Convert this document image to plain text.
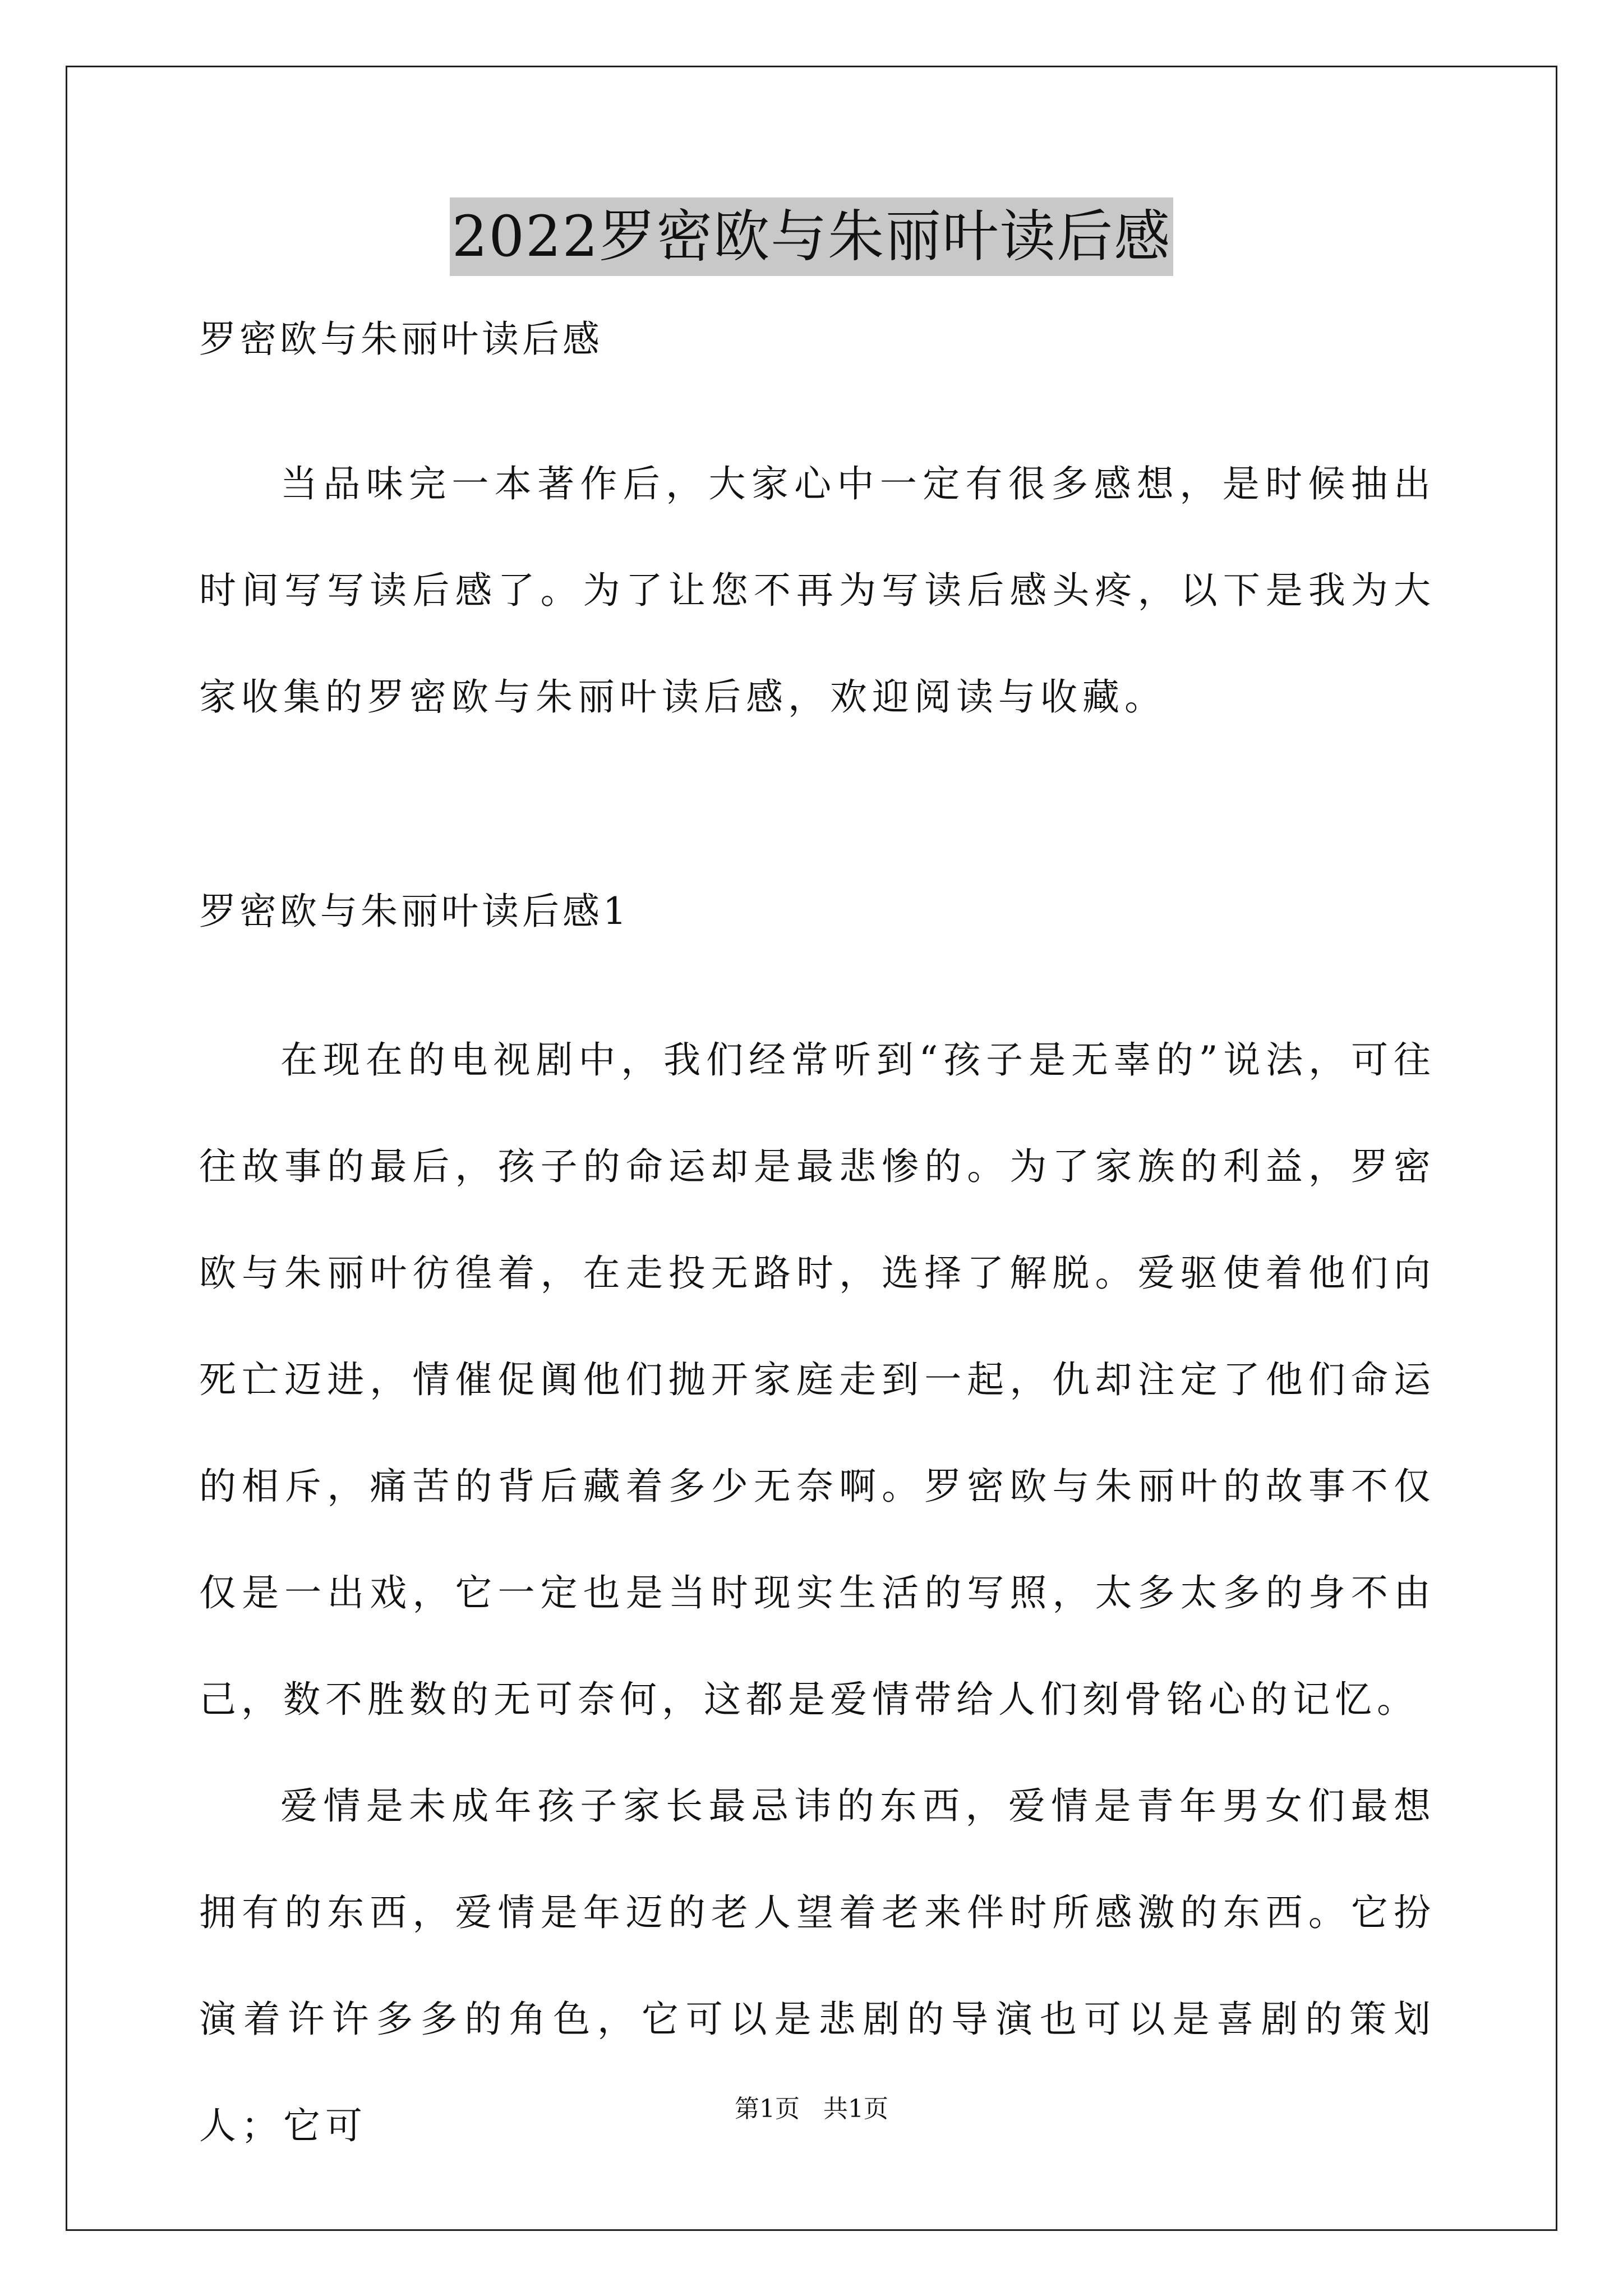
2022罗密欧与朱丽叶读后感
罗密欧与朱丽叶读后感

当品味完一本著作后，大家心中一定有很多感想，是时候抽出时间写写读后感了。为了让您不再为写读后感头疼，以下是我为大家收集的罗密欧与朱丽叶读后感，欢迎阅读与收藏。

罗密欧与朱丽叶读后感1

在现在的电视剧中，我们经常听到“孩子是无辜的”说法，可往往故事的最后，孩子的命运却是最悲惨的。为了家族的利益，罗密欧与朱丽叶彷徨着，在走投无路时，选择了解脱。爱驱使着他们向死亡迈进，情催促阗他们抛开家庭走到一起，仇却注定了他们命运的相斥，痛苦的背后藏着多少无奈啊。罗密欧与朱丽叶的故事不仅仅是一出戏，它一定也是当时现实生活的写照，太多太多的身不由己，数不胜数的无可奈何，这都是爱情带给人们刻骨铭心的记忆。

爱情是未成年孩子家长最忌讳的东西，爱情是青年男女们最想拥有的东西，爱情是年迈的老人望着老来伴时所感激的东西。它扮演着许许多多的角色，它可以是悲剧的导演也可以是喜剧的策划人；它可	第1页   共1页
